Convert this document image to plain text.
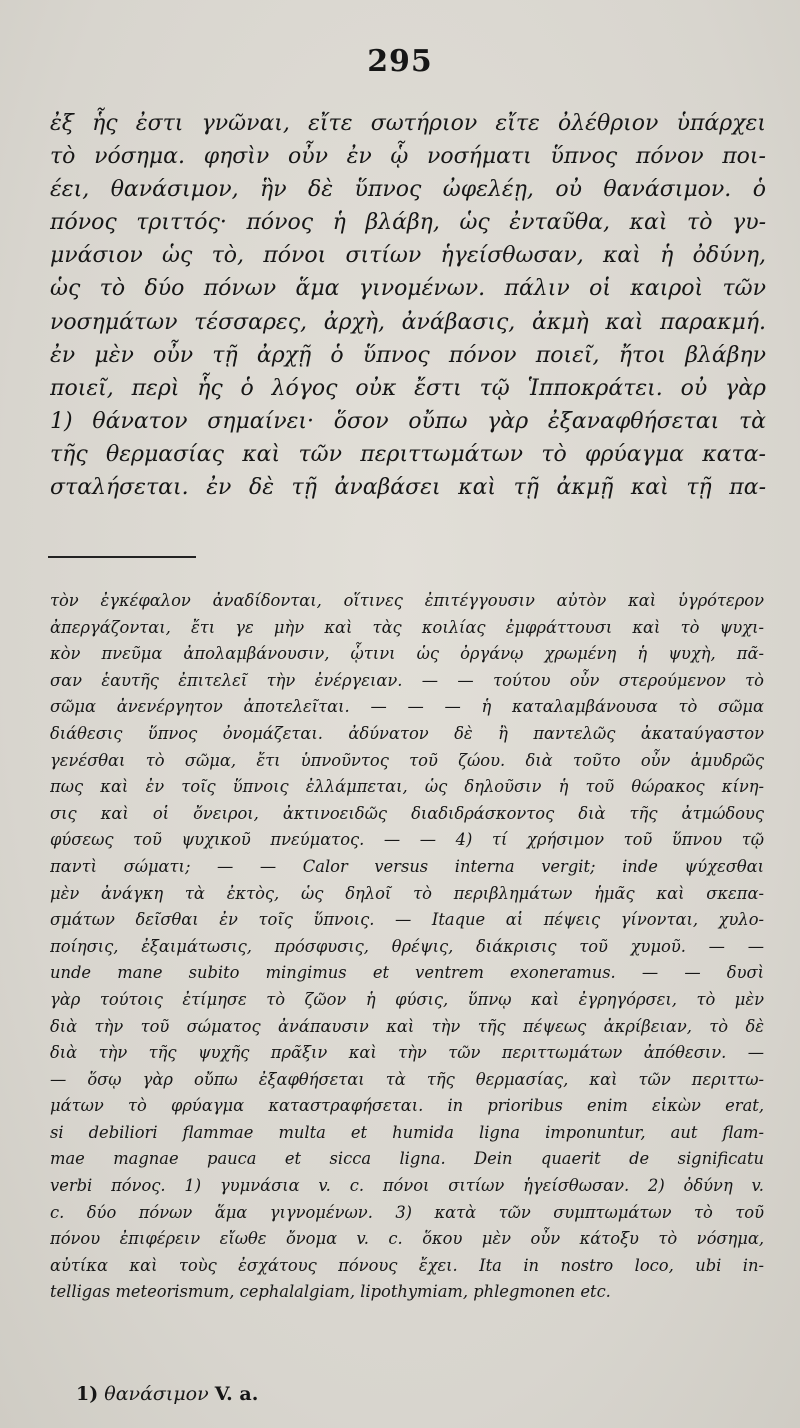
295
ἐξ ἧς ἐστι γνῶναι, εἴτε σωτήριον εἴτε ὀλέθριον ὑπάρχει
τὸ νόσημα. φησὶν οὖν ἐν ᾧ νοσήματι ὕπνος πόνον ποι-
έει, θανάσιμον, ἣν δὲ ὕπνος ὠφελέῃ, οὐ θανάσιμον. ὁ
πόνος τριττός· πόνος ἡ βλάβη, ὡς ἐνταῦθα, καὶ τὸ γυ-
μνάσιον ὡς τὸ, πόνοι σιτίων ἡγείσθωσαν, καὶ ἡ ὀδύνη,
ὡς τὸ δύο πόνων ἅμα γινομένων. πάλιν οἱ καιροὶ τῶν
νοσημάτων τέσσαρες, ἀρχὴ, ἀνάβασις, ἀκμὴ καὶ παρακμή.
ἐν μὲν οὖν τῇ ἀρχῇ ὁ ὕπνος πόνον ποιεῖ, ἤτοι βλάβην
ποιεῖ, περὶ ἧς ὁ λόγος οὐκ ἔστι τῷ Ἱπποκράτει. οὐ γὰρ
1) θάνατον σημαίνει· ὅσον οὔπω γὰρ ἐξαναφθήσεται τὰ
τῆς θερμασίας καὶ τῶν περιττωμάτων τὸ φρύαγμα κατα-
σταλήσεται. ἐν δὲ τῇ ἀναβάσει καὶ τῇ ἀκμῇ καὶ τῇ πα-
τὸν ἐγκέφαλον ἀναδίδονται, οἵτινες ἐπιτέγγουσιν αὐτὸν καὶ ὑγρότερον
ἀπεργάζονται, ἔτι γε μὴν καὶ τὰς κοιλίας ἐμφράττουσι καὶ τὸ ψυχι-
κὸν πνεῦμα ἀπολαμβάνουσιν, ᾧτινι ὡς ὀργάνῳ χρωμένη ἡ ψυχὴ, πᾶ-
σαν ἑαυτῆς ἐπιτελεῖ τὴν ἐνέργειαν. — — τούτου οὖν στερούμενον τὸ
σῶμα ἀνενέργητον ἀποτελεῖται. — — — ἡ καταλαμβάνουσα τὸ σῶμα
διάθεσις ὕπνος ὀνομάζεται. ἀδύνατον δὲ ἢ παντελῶς ἀκαταύγαστον
γενέσθαι τὸ σῶμα, ἔτι ὑπνοῦντος τοῦ ζώου. διὰ τοῦτο οὖν ἀμυδρῶς
πως καὶ ἐν τοῖς ὕπνοις ἐλλάμπεται, ὡς δηλοῦσιν ἡ τοῦ θώρακος κίνη-
σις καὶ οἱ ὄνειροι, ἀκτινοειδῶς διαδιδράσκοντος διὰ τῆς ἀτμώδους
φύσεως τοῦ ψυχικοῦ πνεύματος. — — 4) τί χρήσιμον τοῦ ὕπνου τῷ
παντὶ σώματι; — — Calor versus interna vergit; inde ψύχεσθαι
μὲν ἀνάγκη τὰ ἐκτὸς, ὡς δηλοῖ τὸ περιβλημάτων ἡμᾶς καὶ σκεπα-
σμάτων δεῖσθαι ἐν τοῖς ὕπνοις. — Itaque αἱ πέψεις γίνονται, χυλο-
ποίησις, ἐξαιμάτωσις, πρόσφυσις, θρέψις, διάκρισις τοῦ χυμοῦ. — —
unde mane subito mingimus et ventrem exoneramus. — — δυσὶ
γὰρ τούτοις ἐτίμησε τὸ ζῶον ἡ φύσις, ὕπνῳ καὶ ἐγρηγόρσει, τὸ μὲν
διὰ τὴν τοῦ σώματος ἀνάπαυσιν καὶ τὴν τῆς πέψεως ἀκρίβειαν, τὸ δὲ
διὰ τὴν τῆς ψυχῆς πρᾶξιν καὶ τὴν τῶν περιττωμάτων ἀπόθεσιν. —
— ὅσῳ γὰρ οὔπω ἐξαφθήσεται τὰ τῆς θερμασίας, καὶ τῶν περιττω-
μάτων τὸ φρύαγμα καταστραφήσεται. in prioribus enim εἰκὼν erat,
si debiliori flammae multa et humida ligna imponuntur, aut flam-
mae magnae pauca et sicca ligna. Dein quaerit de significatu
verbi πόνος. 1) γυμνάσια v. c. πόνοι σιτίων ἡγείσθωσαν. 2) ὀδύνη v.
c. δύο πόνων ἅμα γιγνομένων. 3) κατὰ τῶν συμπτωμάτων τὸ τοῦ
πόνου ἐπιφέρειν εἴωθε ὄνομα v. c. ὅκου μὲν οὖν κάτοξυ τὸ νόσημα,
αὐτίκα καὶ τοὺς ἐσχάτους πόνους ἔχει. Ita in nostro loco, ubi in-
telligas meteorismum, cephalalgiam, lipothymiam, phlegmonen etc.
1) θανάσιμον V. a.
